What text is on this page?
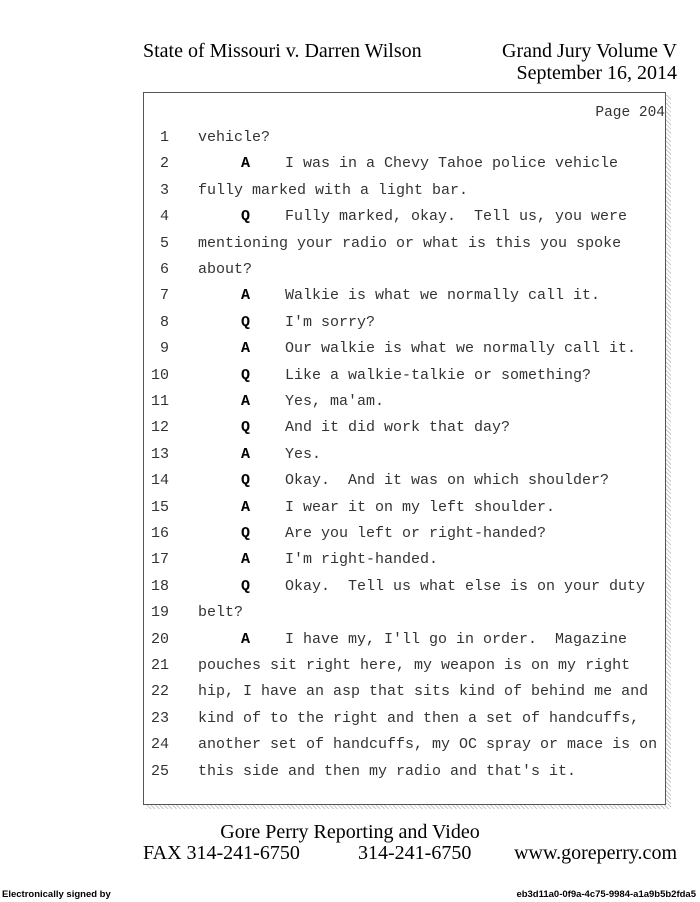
State of Missouri v. Darren Wilson	Grand Jury Volume V
September 16, 2014
Page 204
1 vehicle?
2	A I was in a Chevy Tahoe police vehicle
3 fully marked with a light bar.
4	Q Fully marked, okay.  Tell us, you were
5 mentioning your radio or what is this you spoke
6 about?
7	A Walkie is what we normally call it.
8	Q I'm sorry?
9	A Our walkie is what we normally call it.
10	Q Like a walkie-talkie or something?
11	A Yes, ma'am.
12	Q And it did work that day?
13	A Yes.
14	Q Okay.  And it was on which shoulder?
15	A I wear it on my left shoulder.
16	Q Are you left or right-handed?
17	A I'm right-handed.
18	Q Okay.  Tell us what else is on your duty
19 belt?
20	A I have my, I'll go in order.  Magazine
21 pouches sit right here, my weapon is on my right
22 hip, I have an asp that sits kind of behind me and
23 kind of to the right and then a set of handcuffs,
24 another set of handcuffs, my OC spray or mace is on
25 this side and then my radio and that's it.
Gore Perry Reporting and Video
FAX 314-241-6750	314-241-6750 www.goreperry.com
Electronically signed by	eb3d11a0-0f9a-4c75-9984-a1a9b5b2fda5
